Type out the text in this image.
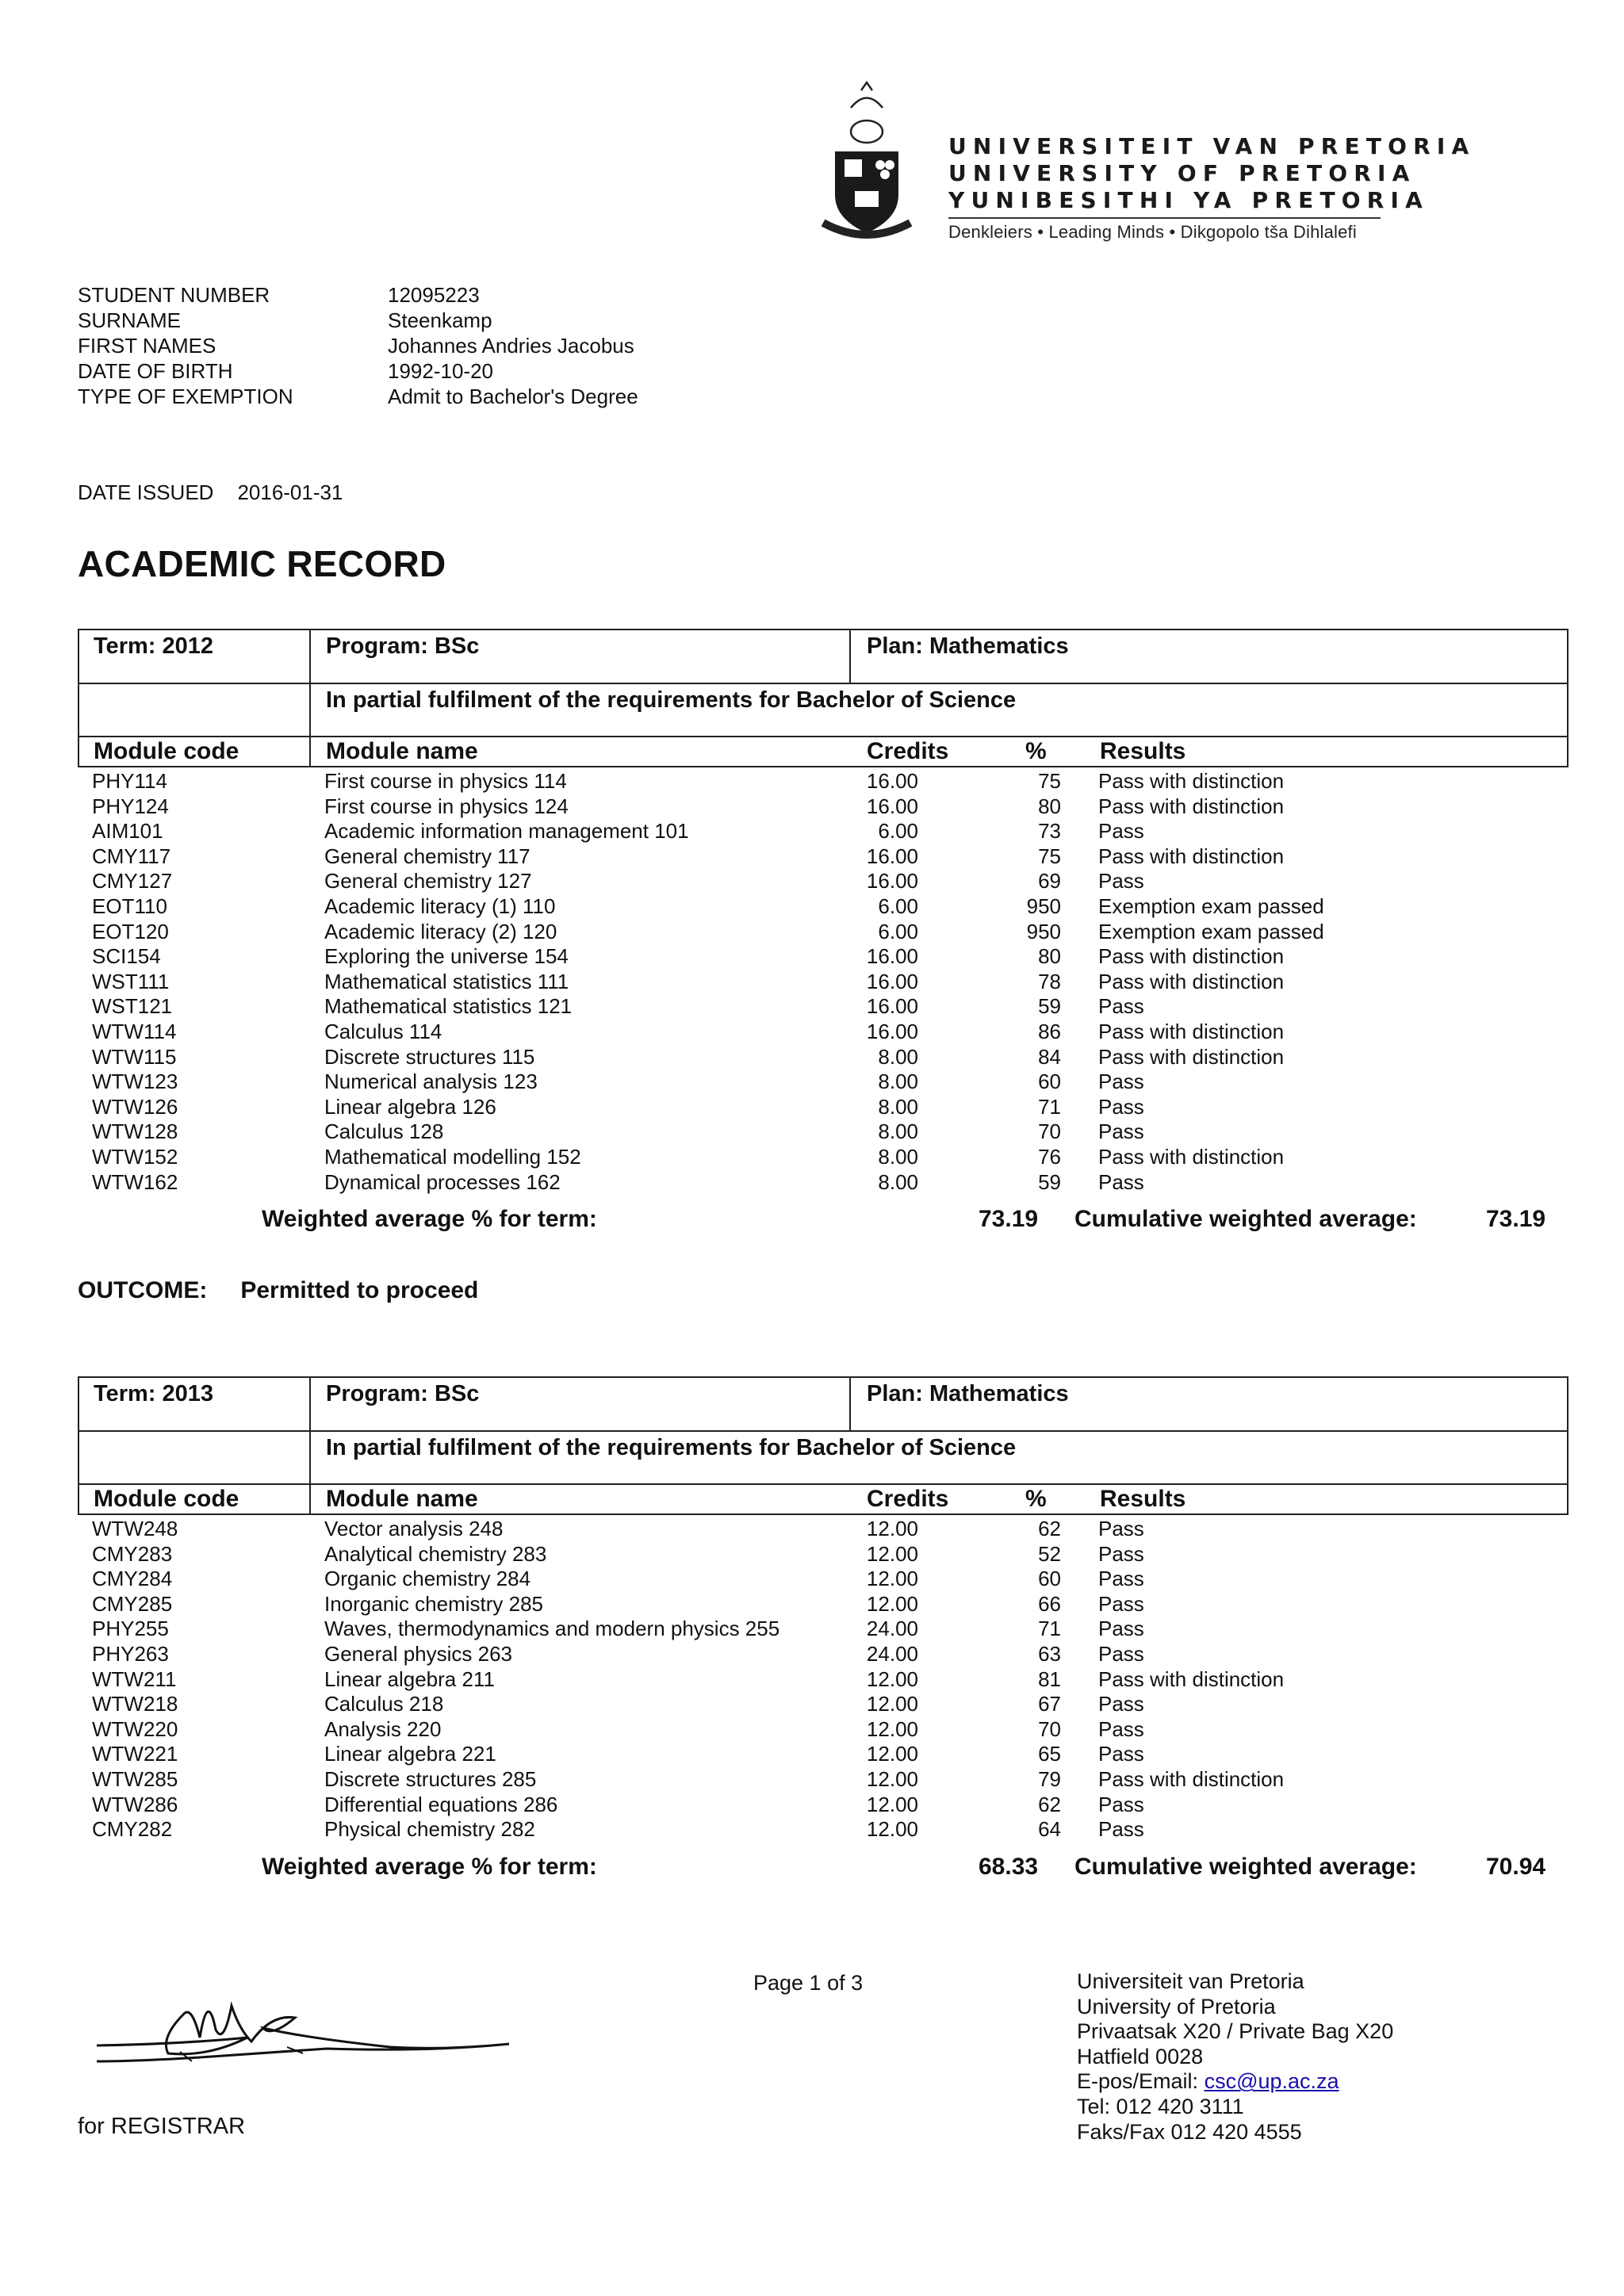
UNIVERSITEIT VAN PRETORIA
UNIVERSITY OF PRETORIA
YUNIBESITHI YA PRETORIA
Denkleiers • Leading Minds • Dikgopolo tša Dihlalefi
STUDENT NUMBER	12095223
SURNAME	Steenkamp
FIRST NAMES	Johannes Andries Jacobus
DATE OF BIRTH	1992-10-20
TYPE OF EXEMPTION	Admit to Bachelor's Degree
DATE ISSUED 2016-01-31
ACADEMIC RECORD
Term: 2012	Program: BSc	Plan: Mathematics
In partial fulfilment of the requirements for Bachelor of Science
Module code	Module name	Credits	% Results
PHY114	First course in physics 114	16.00	75 Pass with distinction
PHY124	First course in physics 124	16.00	80 Pass with distinction
AIM101	Academic information management 101	6.00	73 Pass
CMY117	General chemistry 117	16.00	75 Pass with distinction
CMY127	General chemistry 127	16.00	69 Pass
EOT110	Academic literacy (1) 110	6.00	950 Exemption exam passed
EOT120	Academic literacy (2) 120	6.00	950 Exemption exam passed
SCI154	Exploring the universe 154	16.00	80 Pass with distinction
WST111	Mathematical statistics 111	16.00	78 Pass with distinction
WST121	Mathematical statistics 121	16.00	59 Pass
WTW114	Calculus 114	16.00	86 Pass with distinction
WTW115	Discrete structures 115	8.00	84 Pass with distinction
WTW123	Numerical analysis 123	8.00	60 Pass
WTW126	Linear algebra 126	8.00	71 Pass
WTW128	Calculus 128	8.00	70 Pass
WTW152	Mathematical modelling 152	8.00	76 Pass with distinction
WTW162	Dynamical processes 162	8.00	59 Pass
Weighted average % for term:	73.19 Cumulative weighted average:	73.19
Term: 2013	Program: BSc	Plan: Mathematics
In partial fulfilment of the requirements for Bachelor of Science
Module code	Module name	Credits	% Results
WTW248	Vector analysis 248	12.00	62 Pass
CMY283	Analytical chemistry 283	12.00	52 Pass
CMY284	Organic chemistry 284	12.00	60 Pass
CMY285	Inorganic chemistry 285	12.00	66 Pass
PHY255	Waves, thermodynamics and modern physics 255	24.00	71 Pass
PHY263	General physics 263	24.00	63 Pass
WTW211	Linear algebra 211	12.00	81 Pass with distinction
WTW218	Calculus 218	12.00	67 Pass
WTW220	Analysis 220	12.00	70 Pass
WTW221	Linear algebra 221	12.00	65 Pass
WTW285	Discrete structures 285	12.00	79 Pass with distinction
WTW286	Differential equations 286	12.00	62 Pass
CMY282	Physical chemistry 282	12.00	64 Pass
Weighted average % for term:	68.33 Cumulative weighted average:	70.94
OUTCOME: Permitted to proceed
for REGISTRAR
Page 1 of 3	Universiteit van Pretoria
University of Pretoria
Privaatsak X20 / Private Bag X20
Hatfield 0028
E-pos/Email: csc@up.ac.za
Tel: 012 420 3111
Faks/Fax 012 420 4555
